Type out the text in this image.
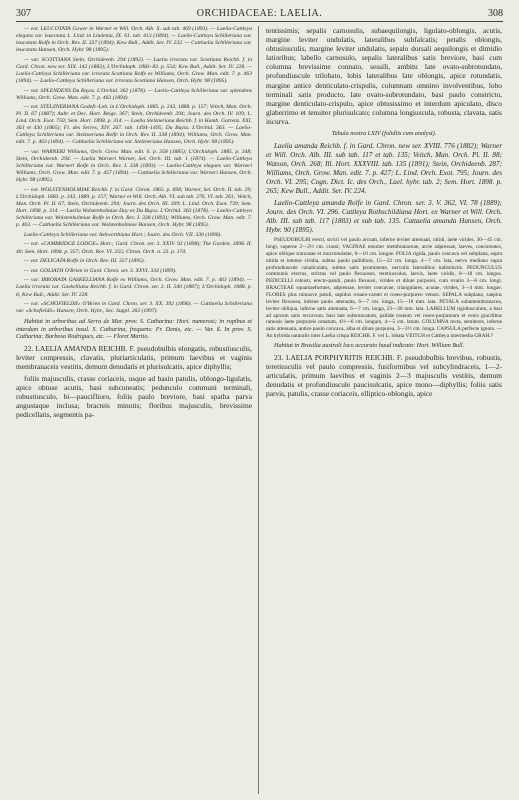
307	ORCHIDACEAE: LAELIA.	308

— var. LEUCOTATA Gower in Warner et Will. Orch. Alb. X. sub tab. 469 (1893). — Laelia-Cattleya elegans var. leucotata L. Lind. in Lindenia, IX. 61. tab. 413 (1894). — Laelio-Cattleya Schilleriana var. leucotata Rolfe in Orch. Rev. II. 337 (1894); Kew Bull., Addit. Ser. IV. 232. — Cattlaelia Schilleriana var. leucotata Hansen, Orch. Hybr. 98 (1895).

— var. SCOTTIANA Stein, Orchideenb. 294 (1892). — Laelia irrorata var. Scottiana Reichb. f. in Gard. Chron. new ser. XIX. 142 (1883); L'Orchidoph. 1883–83. p. 554; Kew Bull., Addit. Ser. IV. 228. — Laelio-Cattleya Schilleriana var. irrorata Scottiana Rolfe ex Williams, Orch. Grow. Man. edit. 7. p. 463 (1894). — Laelio-Cattleya Schilleriana var. irrorata Scottiana Hansen, Orch. Hybr. 98 (1895).

— var. SPLENDENS Du Buyss. L'Orchid. 362 (1878). — Laelio-Cattleya Schilleriana var. splendens Williams, Orch. Grow. Man. edit. 7. p. 463 (1894).

— var. STELZNERIANA Godefr.-Leb. in L'Orchidoph. 1885. p. 243, 1888. p. 157; Veitch, Man. Orch. Pl. II. 67 (1887); Aubr. et Dec. Hort. Beige. 367; Stein, Orchideenb. 294; Journ. des Orch. IV. 109; L. Lind. Orch. Exot. 750; Sem. Hort. 1898. p. 314. — Laelia Stelzneriana Reichb. f. in Hamb. Gartenz. XXI. 363 et 430 (1865); Fl. des Serres, XIV. 267. tab. 1494–1495; Du Buyss. L'Orchid. 363. — Laelio-Cattleya Schilleriana var. Stelzneriana Rolfe in Orch. Rev. II. 338 (1894); Williams, Orch. Grow. Man. edit. 7. p. 463 (1894). — Cattlaelia Schilleriana var. Stelzneriana Hansen, Orch. Hybr. 98 (1895).

— var. WARNERI Williams, Orch. Grow. Man. edit. 6. p. 358 (1885); L'Orchidoph. 1885. p. 348; Stein, Orchideenb. 294. — Laelia Warneri Warner, Sel. Orch. III. tab. 1 (1874). — Laelio-Cattleya Schilleriana var. Warneri Rolfe in Orch. Rev. I. 338 (1893). — Laelio-Cattleya elegans var. Warneri Williams, Orch. Grow. Man. edit. 7. p. 457 (1894). — Cattlaelia Schilleriana var. Warneri Hansen, Orch. Hybr. 98 (1895).

— var. WOLSTENHOLMIAE Reichb. f. in Gard. Chron. 1865. p. 698; Warner, Sel. Orch. II. tab. 29; L'Orchidoph. 1883. p. 343, 1889. p. 157; Warner et Will. Orch. Alb. VI. sub tab. 276, VI. tab. 261; Veitch, Man. Orch. Pl. II. 67; Stein, Orchideenb. 294; Journ. des Orch. III. 169; L. Lind. Orch. Exot. 739; Sem. Hort. 1898. p. 314. — Laelia Wolstenholmiae Day ex Du Buyss. L'Orchid. 363 (1878). — Laelio-Cattleya Schilleriana var. Wolstenholmiae Rolfe in Orch. Rev. I. 338 (1893); Williams, Orch. Grow. Man. edit. 7. p. 463. — Cattlaelia Schilleriana var. Wolstenholmiae Hansen, Orch. Hybr. 98 (1895).

Laelio-Cattleya Schilleriana var. Ashworthiana Hort.; Journ. des Orch. VII. 330 (1896).

— var. «CAMBRIDGE LODGE» Hort.; Gard. Chron. ser. 3. XXIV. 92 (1898); The Garden, 1898. II. 40; Sem. Hort. 1898. p. 357; Orch. Rev. VI. 255; Chron. Orch. n. 23. p. 174.

— var. DELICATA Rolfe in Orch. Rev. III. 327 (1895).

— var. GOLIATH O'Brien in Gard. Chron. ser. 3. XXVI. 334 (1899).

— var. IRRORATA GASKELLIANA Rolfe ex Williams, Orch. Grow. Man. edit. 7. p. 463 (1894). — Laelia irrorata var. Gaskelliana Reichb. f. in Gard. Chron. ser. 3. II. 540 (1887); L'Orchidoph. 1888. p. 6; Kew Bull., Addit. Ser. IV. 228.

— var. «SCHOFIELDII» O'Brien in Gard. Chron. ser. 3. XX. 392 (1896). — Cattlaelia Schilleriana var. «Schofieldii» Hansen, Orch. Hybr., Sec. Suppl. 263 (1897).

Habitat in arboribus ad Serra de Mar. prov. S. Catharina: Hort. numerosi; in rupibus et interdum in arboribus insul. S. Catharina, frequens: Fr. Denis, etc. — Var. ß. In prov. S. Catharina: Barbosa Rodrigues, etc. — Floret Martio.

22. LAELIA AMANDA REICHB. F. pseudobulbis elongatis, robustiusculis, leviter compressis, clavatis, pluriarticulatis, primum laevibus et vaginis membranaceis vestitis, demum denudatis et plurisulcatis, apice diphyllis;

foliis majusculis, crasse coriaceis, usque ad basin patulis, oblongo-ligulatis, apice obtuse acutis, basi subcuneatis; pedunculo communi terminali, robustiusculo, bi—pauciflioro, foliis paulo breviore, basi spatha parva angustaque inclusa; bracteis minutis; floribus majusculis, brevissime pedicellatis, segmentis pa-

tentissimis; sepalis carnosulis, subaequilongis, ligulato-oblongis, acutis, margine leviter undulatis, lateralibus subfalcatis; petalis oblongis, obtusiusculis, margine leviter undulatis, sepalo dorsali aequilongis et dimidio latioribus; labello carnosulo, sepalis lateralibus satis breviore, basi cum columna brevissime connato, sessili, ambitu late ovato-subrotundato, profundiuscule trilobato, lobis lateralibus late oblongis, apice rotundatis, margine antice denticulato-crispulis, columnam omnino involventibus, lobo terminali satis producto, late ovato-subrotundato, basi paulo constricto, margine denticulato-crispulo, apice obtusissimo et interdum apiculato, disco glaberrimo et tenuiter plurisulcato; columna longiuscula, robusta, clavata, satis incurva.

Tabula nostra LXIV (folidiis cum analysi).

Laelia amanda Reichb. f. in Gard. Chron. new ser. XVIII. 776 (1882); Warner et Will. Orch. Alb. III. sub tab. 117 et tab. 135; Veitch, Man. Orch. Pl. II. 88; Watson, Orch. 268; Ill. Hort. XXXVIII. tab. 135 (1891); Stein, Orchideenb. 287; Williams, Orch. Grow. Man. edit. 7. p. 427; L. Lind. Orch. Exot. 795; Journ. des Orch. VI. 295; Cogn. Dict. Ic. des Orch., Lael. hybr. tab. 2; Sem. Hort. 1898. p. 265; Kew Bull., Addit. Ser. IV. 224.

Laelio-Cattleya amanda Rolfe in Gard. Chron. ser. 3. V. 362, VI. 78 (1889); Journ. des Orch. VI. 296. Cattleya Rothschildiana Hort. ex Warner et Will. Orch. Alb. III. sub tab. 117 (1883) et sub tab. 135. Cattaelia amanda Hansen, Orch. Hybr. 90 (1895).

PSEUDOBULBI erecti, stricti vel paulo arcuati, inferne leviter attenuati, nitidi, laete virides, 30—45 cm. longi, superne 2—2½ cm. crassi; VAGINAE tenuiter membranaceae, arcte adpressae, laeves, concoreates, apice oblique truncatae et mucronulatae, 6—10 cm. longae. FOLIA rigida, paulo concava vel subplana, supra nitida et intense viridia, subtus paulo pallidiora, 15—22 cm. longa, 4—7 cm. lata, nervo mediano supra profundiuscule canaliculato, subtus satis prominente, nervulis lateralibus indistinctis. PEDUNCULUS communis erectus, strictus vel paulo flexuosus, teretiusculus, laevis, laete viridis, 8—18 cm. longus. PEDICELLI robusti, erecto-patuli, paulo flexuosi, virides et dilute purpurei, cum ovario 3—6 cm. longi. BRACTEAE squamaeformes, adpressae, leviter concavae, triangulares, acutae, virides, 3—4 mm. longae. FLORES plus minusve patuli, sapidus rosaeo-carnei et roseo-purpureo venosi. SEPALA subplana, saepius leviter flexuosa, inferne paulo attenuata, 6—7 cm. longa, 15—18 mm. lata. PETALA subumembranacea, leviter obliqua, inferne satis attenuata, 6—7 cm. longa, 23—28 mm. lata. LABELLUM rigidiusculum, a basi ad apicem satis recurvum, basi late subtruncatum, pallide roseum vel roseo-purpureum et venis gracilibus ramosis laete purpureis ornatum, 4½—6 cm. longum, 4—5 cm. latum. COLUMNA recta, semiteres, inferne satis attenuata, antice paulo concava, alba et dilute purpurea, 3—3½ cm. longa. CAPSULA perfecte ignota. — An hybrida naturalis inter Laelia crispa REICHB. F. vel L. lobata VEITCH et Cattleya intermedia GRAH.?

Habitat in Brasilia australi loco accurato haud indicato: Hort. William Bull.

23. LAELIA PORPHYRITIS REICHB. F. pseudobulbis brevibus, robustis, teretiusculis vel paulo compressis, fusiformibus vel subcylindraceis, 1—2-articulatis, primum laevibus et vaginis 2—3 majusculis vestitis, demum denudatis et profundiuscule paucisulcatis, apice mono—diphyllis; foliis satis parvis, patulis, crasse coriaceis, elliptico-oblongis, apice
